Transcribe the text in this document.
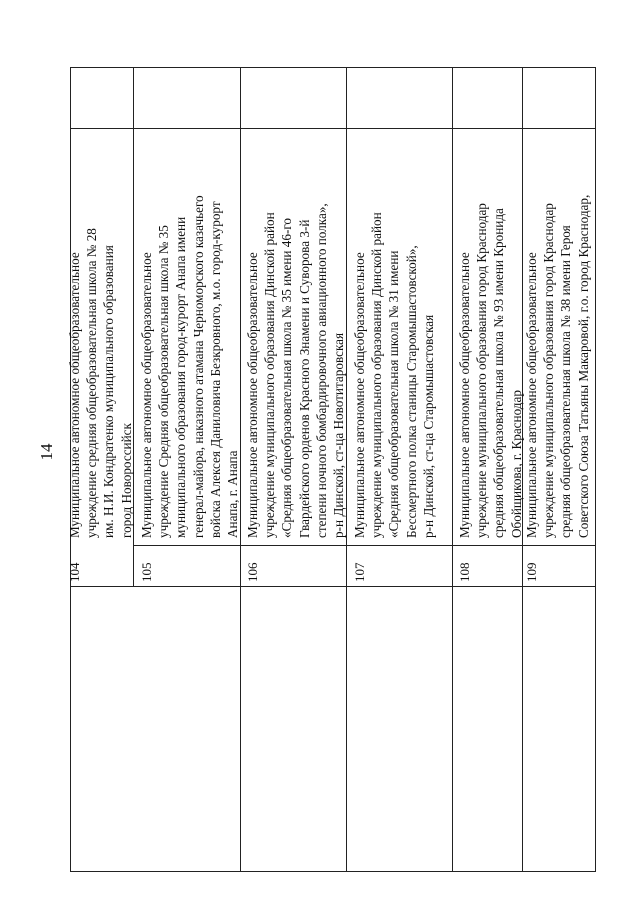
14
104
Муниципальное автономное общеобразовательное
учреждение средняя общеобразовательная школа № 28
им. Н.И. Кондратенко муниципального образования
город Новороссийск
105
Муниципальное автономное общеобразовательное
учреждение Средняя общеобразовательная школа № 35
муниципального образования город-курорт Анапа имени
генерал-майора, наказного атамана Черноморского казачьего
войска Алексея Даниловича Безкровного, м.о. город-курорт
Анапа, г. Анапа
106
Муниципальное автономное общеобразовательное
учреждение муниципального образования Динской район
«Средняя общеобразовательная школа № 35 имени 46-го
Гвардейского орденов Красного Знамени и Суворова 3-й
степени ночного бомбардировочного авиационного полка»,
р-н Динской, ст-ца Новотитаровская
107
Муниципальное автономное общеобразовательное
учреждение муниципального образования Динской район
«Средняя общеобразовательная школа № 31 имени
Бессмертного полка станицы Старомышастовской»,
р-н Динской, ст-ца Старомышастовская
108
Муниципальное автономное общеобразовательное
учреждение муниципального образования город Краснодар
средняя общеобразовательная школа № 93 имени Кронида
Обойщикова, г. Краснодар
109
Муниципальное автономное общеобразовательное
учреждение муниципального образования город Краснодар
средняя общеобразовательная школа № 38 имени Героя
Советского Союза Татьяны Макаровой, г.о. город Краснодар,
